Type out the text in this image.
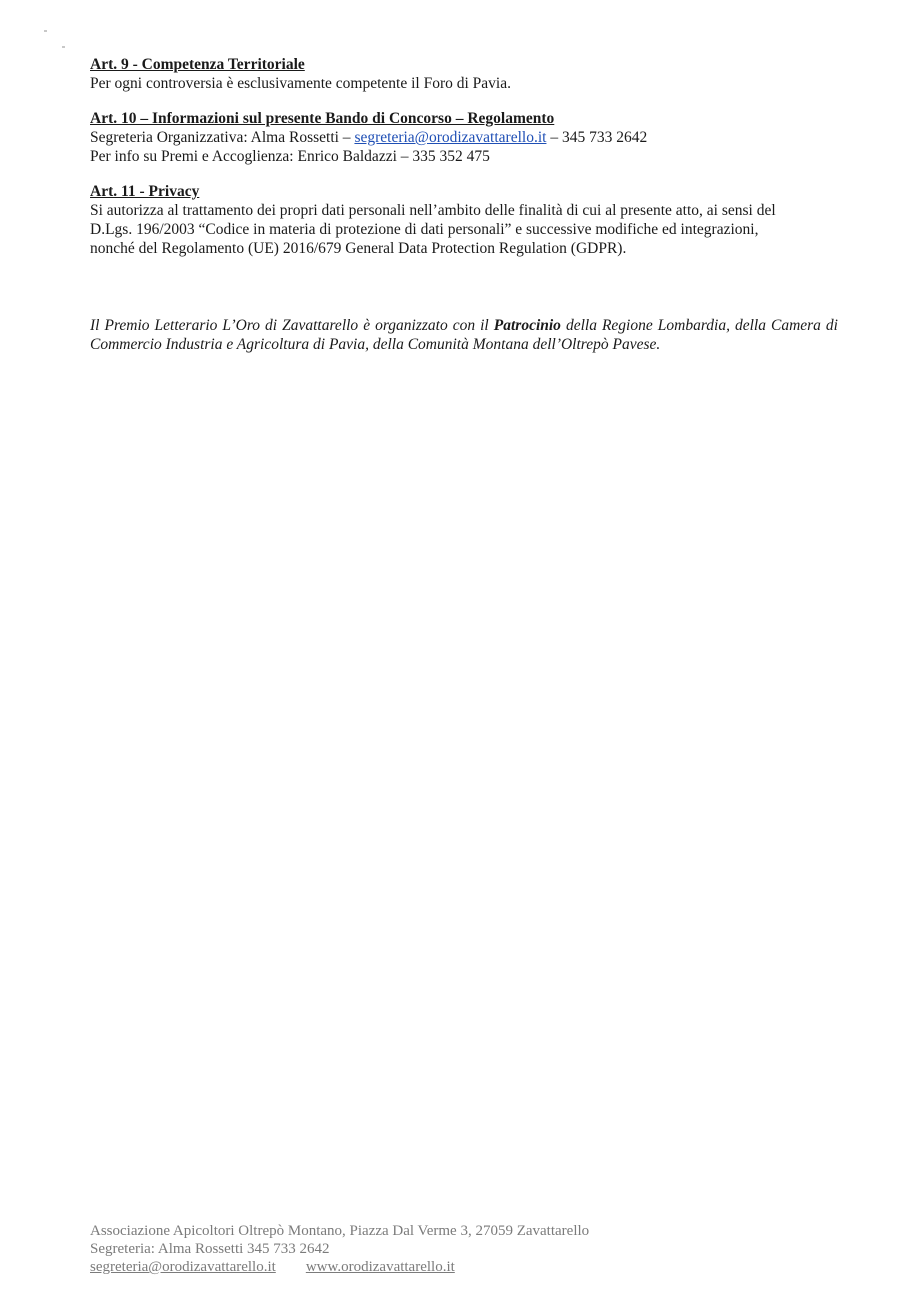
Art. 9 - Competenza Territoriale
Per ogni controversia è esclusivamente competente il Foro di Pavia.
Art. 10 – Informazioni sul presente Bando di Concorso – Regolamento
Segreteria Organizzativa: Alma Rossetti – segreteria@orodizavattarello.it – 345 733 2642
Per info su Premi e Accoglienza: Enrico Baldazzi – 335 352 475
Art. 11 - Privacy
Si autorizza al trattamento dei propri dati personali nell’ambito delle finalità di cui al presente atto, ai sensi del
D.Lgs. 196/2003 “Codice in materia di protezione di dati personali” e successive modifiche ed integrazioni,
nonché del Regolamento (UE) 2016/679 General Data Protection Regulation (GDPR).
Il Premio Letterario L’Oro di Zavattarello è organizzato con il Patrocinio della Regione Lombardia, della Camera di Commercio Industria e Agricoltura di Pavia, della Comunità Montana dell’Oltrepò Pavese.
Associazione Apicoltori Oltrepò Montano, Piazza Dal Verme 3, 27059 Zavattarello
Segreteria: Alma Rossetti 345 733 2642
segreteria@orodizavattarello.it www.orodizavattarello.it
